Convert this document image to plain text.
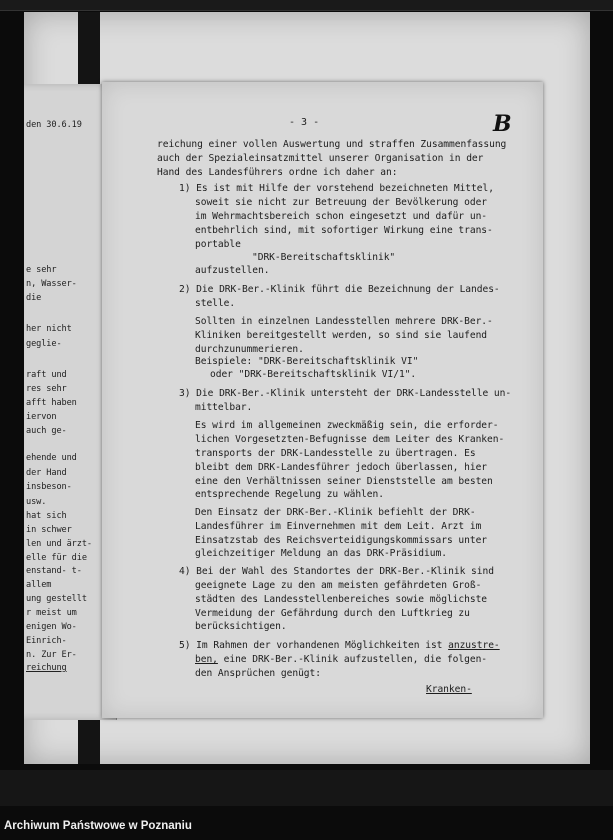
den 30.6.19
e sehr
n, Wasser-
die
her nicht
geglie-
raft und
res sehr
afft haben
iervon
auch ge-
ehende und
der Hand
insbeson-
usw.
hat sich
in schwer
len und ärzt-
elle für die
enstand- t-
allem
ung gestellt
r meist um
enigen Wo-
Einrich-
n. Zur Er-
reichung
- 3 -	B
reichung einer vollen Auswertung und straffen Zusammenfassung
auch der Spezialeinsatzmittel unserer Organisation in der
Hand des Landesführers ordne ich daher an:
1) Es ist mit Hilfe der vorstehend bezeichneten Mittel,
soweit sie nicht zur Betreuung der Bevölkerung oder
im Wehrmachtsbereich schon eingesetzt und dafür un-
entbehrlich sind, mit sofortiger Wirkung eine trans-
portable
"DRK-Bereitschaftsklinik"
aufzustellen.
2) Die DRK-Ber.-Klinik führt die Bezeichnung der Landes-
stelle.
Sollten in einzelnen Landesstellen mehrere DRK-Ber.-
Kliniken bereitgestellt werden, so sind sie laufend
durchzunummerieren.
Beispiele: "DRK-Bereitschaftsklinik VI"
oder "DRK-Bereitschaftsklinik VI/1".
3) Die DRK-Ber.-Klinik untersteht der DRK-Landesstelle un-
mittelbar.
Es wird im allgemeinen zweckmäßig sein, die erforder-
lichen Vorgesetzten-Befugnisse dem Leiter des Kranken-
transports der DRK-Landesstelle zu übertragen. Es
bleibt dem DRK-Landesführer jedoch überlassen, hier
eine den Verhältnissen seiner Dienststelle am besten
entsprechende Regelung zu wählen.
Den Einsatz der DRK-Ber.-Klinik befiehlt der DRK-
Landesführer im Einvernehmen mit dem Leit. Arzt im
Einsatzstab des Reichsverteidigungskommissars unter
gleichzeitiger Meldung an das DRK-Präsidium.
4) Bei der Wahl des Standortes der DRK-Ber.-Klinik sind
geeignete Lage zu den am meisten gefährdeten Groß-
städten des Landesstellenbereiches sowie möglichste
Vermeidung der Gefährdung durch den Luftkrieg zu
berücksichtigen.
5) Im Rahmen der vorhandenen Möglichkeiten ist anzustre-
ben, eine DRK-Ber.-Klinik aufzustellen, die folgen-
den Ansprüchen genügt:
Kranken-
Archiwum Państwowe w Poznaniu
